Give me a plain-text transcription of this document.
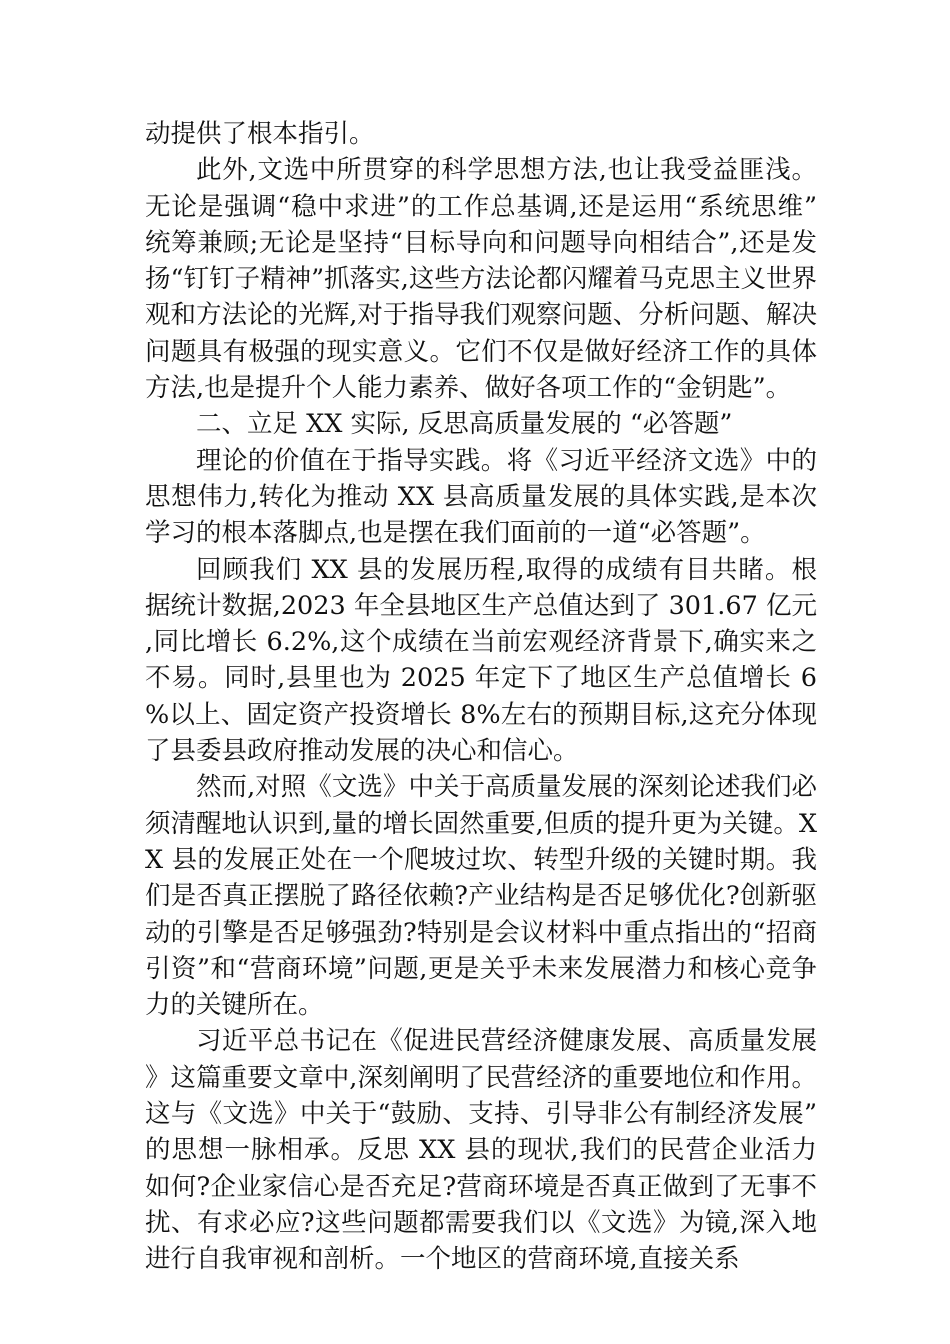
动提供了根本指引。

此外,文选中所贯穿的科学思想方法,也让我受益匪浅。无论是强调“稳中求进”的工作总基调,还是运用“系统思维”统筹兼顾;无论是坚持“目标导向和问题导向相结合”,还是发扬“钉钉子精神”抓落实,这些方法论都闪耀着马克思主义世界观和方法论的光辉,对于指导我们观察问题、分析问题、解决问题具有极强的现实意义。它们不仅是做好经济工作的具体方法,也是提升个人能力素养、做好各项工作的“金钥匙”。

二、立足 XX 实际, 反思高质量发展的 “必答题”

理论的价值在于指导实践。将《习近平经济文选》中的思想伟力,转化为推动 XX 县高质量发展的具体实践,是本次学习的根本落脚点,也是摆在我们面前的一道“必答题”。

回顾我们 XX 县的发展历程,取得的成绩有目共睹。根据统计数据,2023 年全县地区生产总值达到了 301.67 亿元,同比增长 6.2%,这个成绩在当前宏观经济背景下,确实来之不易。同时,县里也为 2025 年定下了地区生产总值增长 6%以上、固定资产投资增长 8%左右的预期目标,这充分体现了县委县政府推动发展的决心和信心。

然而,对照《文选》中关于高质量发展的深刻论述我们必须清醒地认识到,量的增长固然重要,但质的提升更为关键。XX 县的发展正处在一个爬坡过坎、转型升级的关键时期。我们是否真正摆脱了路径依赖?产业结构是否足够优化?创新驱动的引擎是否足够强劲?特别是会议材料中重点指出的“招商引资”和“营商环境”问题,更是关乎未来发展潜力和核心竞争力的关键所在。

习近平总书记在《促进民营经济健康发展、高质量发展》这篇重要文章中,深刻阐明了民营经济的重要地位和作用。这与《文选》中关于“鼓励、支持、引导非公有制经济发展”的思想一脉相承。反思 XX 县的现状,我们的民营企业活力如何?企业家信心是否充足?营商环境是否真正做到了无事不扰、有求必应?这些问题都需要我们以《文选》为镜,深入地进行自我审视和剖析。一个地区的营商环境,直接关系
